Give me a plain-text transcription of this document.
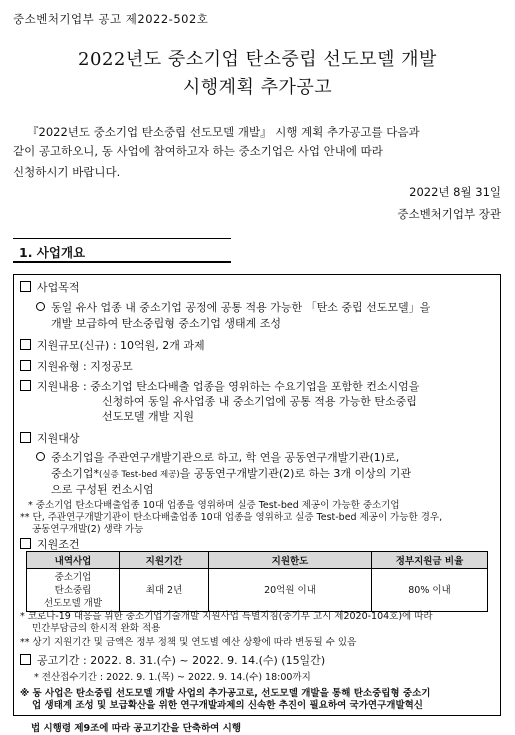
중소벤처기업부 공고 제2022-502호
2022년도 중소기업 탄소중립 선도모델 개발
시행계획 추가공고
『2022년도 중소기업 탄소중립 선도모델 개발』 시행 계획 추가공고를 다음과
같이 공고하오니, 동 사업에 참여하고자 하는 중소기업은 사업 안내에 따라
신청하시기 바랍니다.
2022년 8월 31일
중소벤처기업부 장관
1. 사업개요
사업목적
동일 유사 업종 내 중소기업 공정에 공통 적용 가능한 「탄소 중립 선도모델」을
개발 보급하여 탄소중립형 중소기업 생태계 조성
지원규모(신규) : 10억원, 2개 과제
지원유형 : 지정공모
지원내용 : 중소기업 탄소다배출 업종을 영위하는 수요기업을 포함한 컨소시엄을
신청하여 동일 유사업종 내 중소기업에 공통 적용 가능한 탄소중립
선도모델 개발 지원
지원대상
중소기업을 주관연구개발기관으로 하고, 학 연을 공동연구개발기관(1)로,
중소기업*(실증 Test-bed 제공)을 공동연구개발기관(2)로 하는 3개 이상의 기관
으로 구성된 컨소시엄
* 중소기업 탄소다배출업종 10대 업종을 영위하며 실증 Test-bed 제공이 가능한 중소기업
** 단, 주관연구개발기관이 탄소다배출업종 10대 업종을 영위하고 실증 Test-bed 제공이 가능한 경우,
공동연구개발(2) 생략 가능
지원조건
내역사업	지원기간	지원한도	정부지원금 비율

중소기업
탄소중립
선도모델 개발	최대 2년	20억원 이내	80% 이내
* 코로나-19 대응을 위한 중소기업기술개발 지원사업 특별지침(중기부 고시 제2020-104호)에 따라
민간부담금의 한시적 완화 적용
** 상기 지원기간 및 금액은 정부 정책 및 연도별 예산 상황에 따라 변동될 수 있음
공고기간 : 2022. 8. 31.(수) ~ 2022. 9. 14.(수) (15일간)
* 전산접수기간 : 2022. 9. 1.(목) ~ 2022. 9. 14.(수) 18:00까지
※ 동 사업은 탄소중립 선도모델 개발 사업의 추가공고로, 선도모델 개발을 통해 탄소중립형 중소기
업 생태계 조성 및 보급확산을 위한 연구개발과제의 신속한 추진이 필요하여 국가연구개발혁신
법 시행령 제9조에 따라 공고기간을 단축하여 시행
